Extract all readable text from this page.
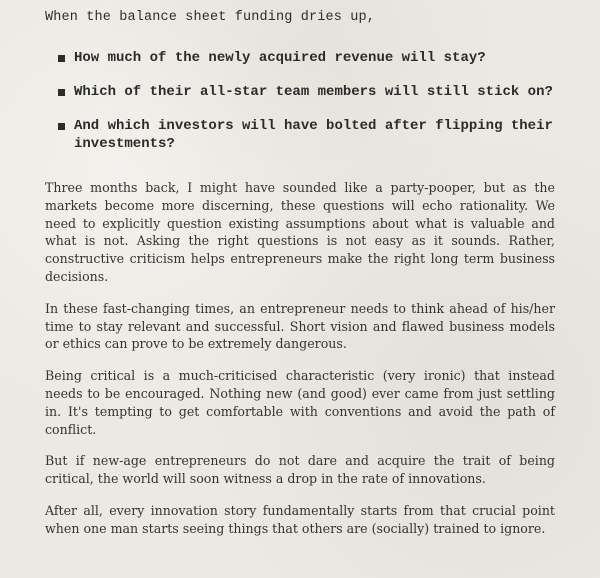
When the balance sheet funding dries up,

How much of the newly acquired revenue will stay?
Which of their all-star team members will still stick on?
And which investors will have bolted after flipping their investments?

Three months back, I might have sounded like a party-pooper, but as the markets become more discerning, these questions will echo rationality. We need to explicitly question existing assumptions about what is valuable and what is not. Asking the right questions is not easy as it sounds. Rather, constructive criticism helps entrepreneurs make the right long term business decisions.

In these fast-changing times, an entrepreneur needs to think ahead of his/her time to stay relevant and successful. Short vision and flawed business models or ethics can prove to be extremely dangerous.

Being critical is a much-criticised characteristic (very ironic) that instead needs to be encouraged. Nothing new (and good) ever came from just settling in. It's tempting to get comfortable with conventions and avoid the path of conflict.

But if new-age entrepreneurs do not dare and acquire the trait of being critical, the world will soon witness a drop in the rate of innovations.

After all, every innovation story fundamentally starts from that crucial point when one man starts seeing things that others are (socially) trained to ignore.
